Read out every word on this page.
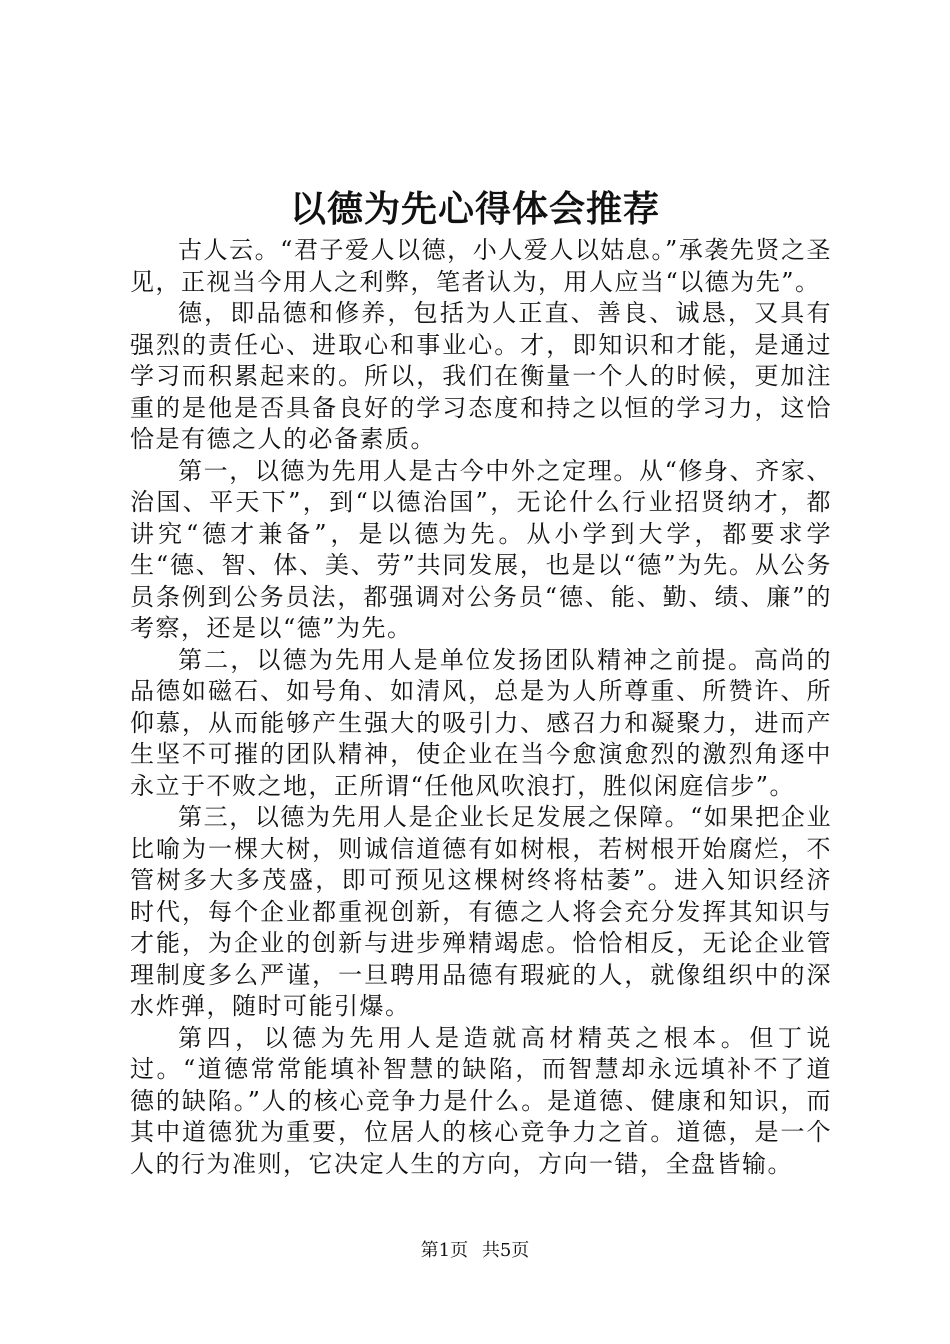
以德为先心得体会推荐

古人云。“君子爱人以德，小人爱人以姑息。”承袭先贤之圣见，正视当今用人之利弊，笔者认为，用人应当“以德为先”。

德，即品德和修养，包括为人正直、善良、诚恳，又具有强烈的责任心、进取心和事业心。才，即知识和才能，是通过学习而积累起来的。所以，我们在衡量一个人的时候，更加注重的是他是否具备良好的学习态度和持之以恒的学习力，这恰恰是有德之人的必备素质。

第一，以德为先用人是古今中外之定理。从“修身、齐家、治国、平天下”，到“以德治国”，无论什么行业招贤纳才，都讲究“德才兼备”，是以德为先。从小学到大学，都要求学生“德、智、体、美、劳”共同发展，也是以“德”为先。从公务员条例到公务员法，都强调对公务员“德、能、勤、绩、廉”的考察，还是以“德”为先。

第二，以德为先用人是单位发扬团队精神之前提。高尚的品德如磁石、如号角、如清风，总是为人所尊重、所赞许、所仰慕，从而能够产生强大的吸引力、感召力和凝聚力，进而产生坚不可摧的团队精神，使企业在当今愈演愈烈的激烈角逐中永立于不败之地，正所谓“任他风吹浪打，胜似闲庭信步”。

第三，以德为先用人是企业长足发展之保障。“如果把企业比喻为一棵大树，则诚信道德有如树根，若树根开始腐烂，不管树多大多茂盛，即可预见这棵树终将枯萎”。进入知识经济时代，每个企业都重视创新，有德之人将会充分发挥其知识与才能，为企业的创新与进步殚精竭虑。恰恰相反，无论企业管理制度多么严谨，一旦聘用品德有瑕疵的人，就像组织中的深水炸弹，随时可能引爆。

第四，以德为先用人是造就高材精英之根本。但丁说过。“道德常常能填补智慧的缺陷，而智慧却永远填补不了道德的缺陷。”人的核心竞争力是什么。是道德、健康和知识，而其中道德犹为重要，位居人的核心竞争力之首。道德，是一个人的行为准则，它决定人生的方向，方向一错，全盘皆输。

第1页 共5页
